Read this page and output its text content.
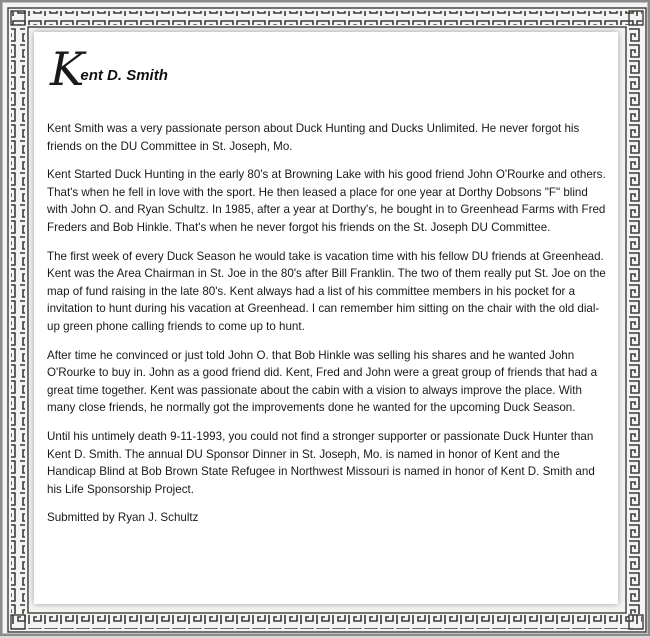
K
ent D. Smith

Kent Smith was a very passionate person about Duck Hunting and Ducks Unlimited. He never forgot his friends on the DU Committee in St. Joseph, Mo.

Kent Started Duck Hunting in the early 80's at Browning Lake with his good friend John O'Rourke and others. That's when he fell in love with the sport. He then leased a place for one year at Dorthy Dobsons "F" blind with John O. and Ryan Schultz. In 1985, after a year at Dorthy's, he bought in to Greenhead Farms with Fred Freders and Bob Hinkle. That's when he never forgot his friends on the St. Joseph DU Committee.

The first week of every Duck Season he would take is vacation time with his fellow DU friends at Greenhead. Kent was the Area Chairman in St. Joe in the 80's after Bill Franklin. The two of them really put St. Joe on the map of fund raising in the late 80's. Kent always had a list of his committee members in his pocket for a invitation to hunt during his vacation at Greenhead. I can remember him sitting on the chair with the old dial-up green phone calling friends to come up to hunt.

After time he convinced or just told John O. that Bob Hinkle was selling his shares and he wanted John O'Rourke to buy in. John as a good friend did. Kent, Fred and John were a great group of friends that had a great time together. Kent was passionate about the cabin with a vision to always improve the place. With many close friends, he normally got the improvements done he wanted for the upcoming Duck Season.

Until his untimely death 9-11-1993, you could not find a stronger supporter or passionate Duck Hunter than Kent D. Smith. The annual DU Sponsor Dinner in St. Joseph, Mo. is named in honor of Kent and the Handicap Blind at Bob Brown State Refugee in Northwest Missouri is named in honor of Kent D. Smith and his Life Sponsorship Project.

Submitted by Ryan J. Schultz
